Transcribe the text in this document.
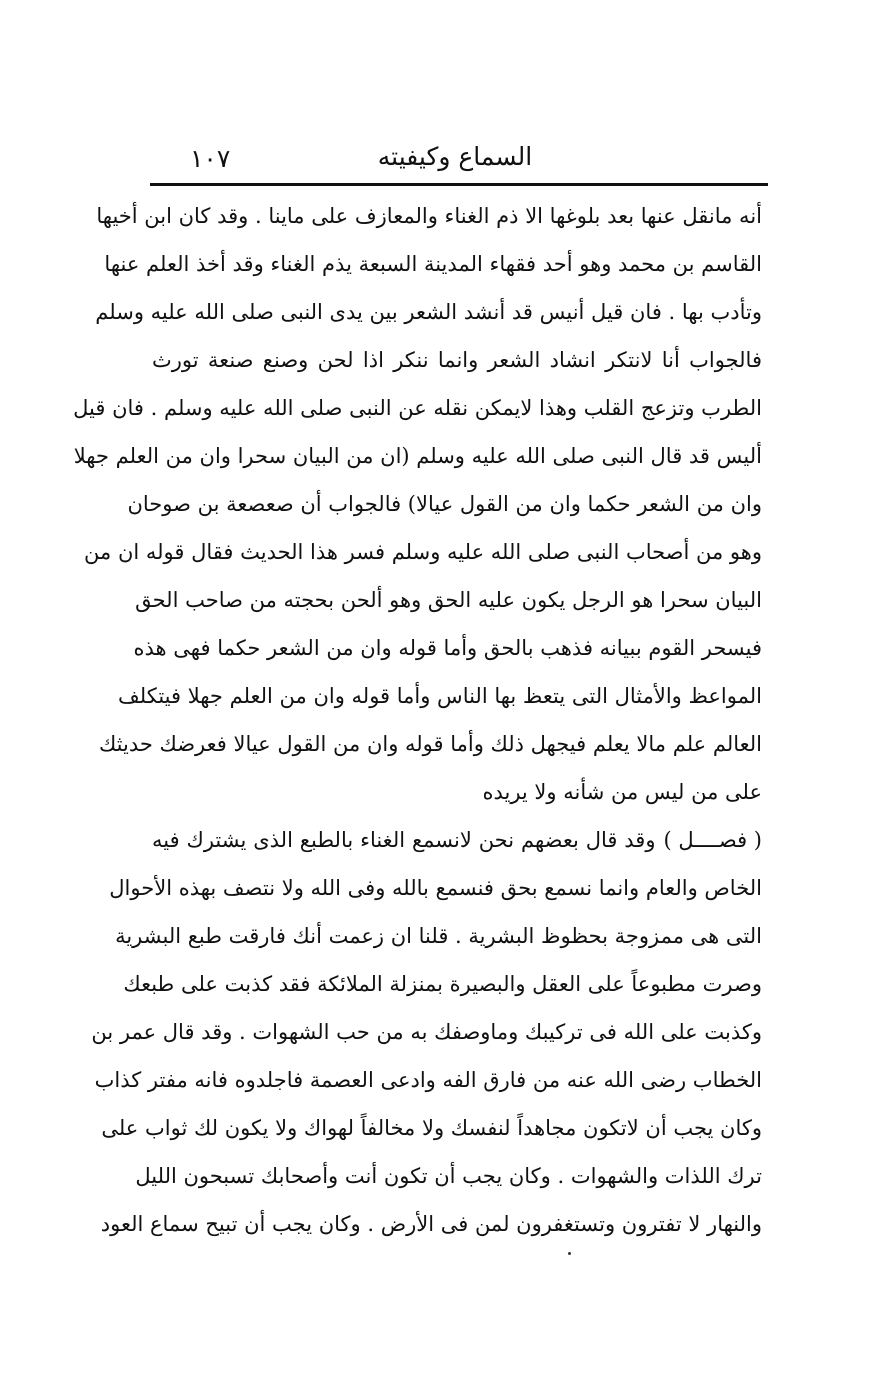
١٠٧	السماع وكيفيته
أنه مانقل عنها بعد بلوغها الا ذم الغناء والمعازف على ماينا . وقد كان ابن أخيها
القاسم بن محمد وهو أحد فقهاء المدينة السبعة يذم الغناء وقد أخذ العلم عنها
وتأدب بها . فان قيل أنيس قد أنشد الشعر بين يدى النبى صلى الله عليه وسلم
فالجواب أنا لانتكر انشاد الشعر وانما ننكر اذا لحن وصنع صنعة تورث
الطرب وتزعج القلب وهذا لايمكن نقله عن النبى صلى الله عليه وسلم . فان قيل
أليس قد قال النبى صلى الله عليه وسلم (ان من البيان سحرا وان من العلم جهلا
وان من الشعر حكما وان من القول عيالا) فالجواب أن صعصعة بن صوحان
وهو من أصحاب النبى صلى الله عليه وسلم فسر هذا الحديث فقال قوله ان من
البيان سحرا هو الرجل يكون عليه الحق وهو ألحن بحجته من صاحب الحق
فيسحر القوم ببيانه فذهب بالحق وأما قوله وان من الشعر حكما فهى هذه
المواعظ والأمثال التى يتعظ بها الناس وأما قوله وان من العلم جهلا فيتكلف
العالم علم مالا يعلم فيجهل ذلك وأما قوله وان من القول عيالا فعرضك حديثك
على من ليس من شأنه ولا يريده
( فصــــل )وقد قال بعضهم نحن لانسمع الغناء بالطبع الذى يشترك فيه
الخاص والعام وانما نسمع بحق فنسمع بالله وفى الله ولا نتصف بهذه الأحوال
التى هى ممزوجة بحظوظ البشرية . قلنا ان زعمت أنك فارقت طبع البشرية
وصرت مطبوعاً على العقل والبصيرة بمنزلة الملائكة فقد كذبت على طبعك
وكذبت على الله فى تركيبك وماوصفك به من حب الشهوات . وقد قال عمر بن
الخطاب رضى الله عنه من فارق الفه وادعى العصمة فاجلدوه فانه مفتر كذاب
وكان يجب أن لاتكون مجاهداً لنفسك ولا مخالفاً لهواك ولا يكون لك ثواب على
ترك اللذات والشهوات . وكان يجب أن تكون أنت وأصحابك تسبحون الليل
والنهار لا تفترون وتستغفرون لمن فى الأرض . وكان يجب أن تبيح سماع العود
